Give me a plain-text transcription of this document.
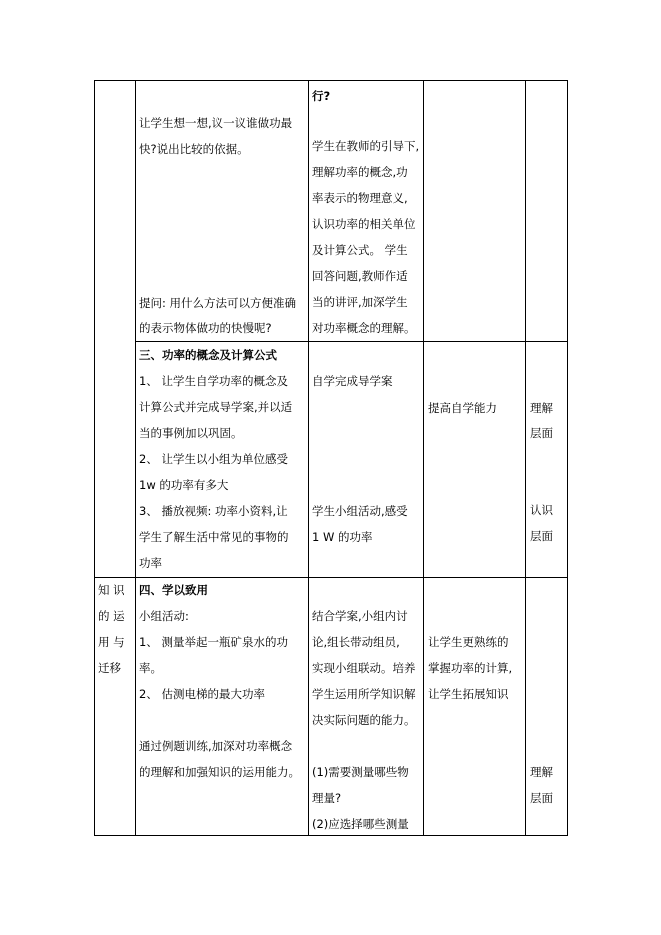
让学生想一想,议一议谁做功最
快?说出比较的依据。
提问: 用什么方法可以方便准确
的表示物体做功的快慢呢?
行?
学生在教师的引导下,
理解功率的概念,功
率表示的物理意义,
认识功率的相关单位
及计算公式。 学生
回答问题,教师作适
当的讲评,加深学生
对功率概念的理解。
三、功率的概念及计算公式
1、 让学生自学功率的概念及
计算公式并完成导学案,并以适
当的事例加以巩固。
2、 让学生以小组为单位感受
1w 的功率有多大
3、 播放视频: 功率小资料,让
学生了解生活中常见的事物的
功率
自学完成导学案
学生小组活动,感受
1 W 的功率
提高自学能力	理解
层面
认识
层面
知 识
的 运
用 与
迁移
四、学以致用
小组活动:
1、 测量举起一瓶矿泉水的功
率。
2、 估测电梯的最大功率
通过例题训练,加深对功率概念
的理解和加强知识的运用能力。
结合学案,小组内讨
论,组长带动组员,
实现小组联动。培养
学生运用所学知识解
决实际问题的能力。
(1)需要测量哪些物
理量?
(2)应选择哪些测量
让学生更熟练的
掌握功率的计算,
让学生拓展知识
理解
层面
